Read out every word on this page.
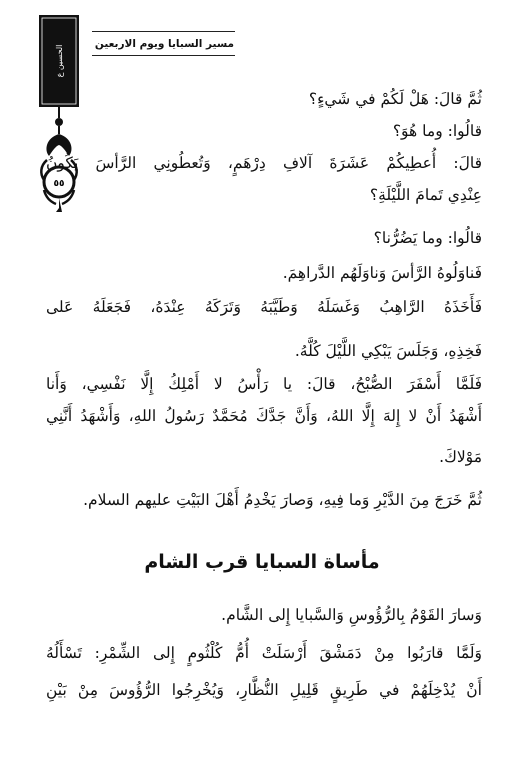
الحسين ع
٥٥
مسير السبايا ويوم الاربعين
ثُمَّ قالَ: هَلْ لَكُمْ في شَيءٍ؟
قالُوا: وما هُوَ؟
قالَ: أُعطِيكُمْ عَشَرَةَ آلافِ دِرْهَمٍ، وَتُعطُونِي الرَّأسَ يَكُونُ
عِنْدِي تَمامَ اللَّيْلَةِ؟
قالُوا: وما يَضُرُّنا؟
فَناوَلُوهُ الرَّأسَ وَناوَلَهُم الدَّراهِمَ.
فَأَخَذَهُ الرَّاهِبُ وَغَسَلَهُ وَطَيَّبَهُ وَتَرَكَهُ عِنْدَهُ، فَجَعَلَهُ عَلى
فَخِذِهِ، وَجَلَسَ يَبْكِي اللَّيْلَ كُلَّهُ.
فَلَمَّا أَسْفَرَ الصُّبْحُ، قالَ: يا رَأْسُ لا أَمْلِكُ إِلَّا نَفْسِي، وَأَنا
أَشْهَدُ أَنْ لا إِلهَ إِلَّا اللهُ، وَأَنَّ جَدَّكَ مُحَمَّدٌ رَسُولُ اللهِ، وَأَشْهَدُ أَنَّنِي
مَوْلاكَ.
ثُمَّ خَرَجَ مِنَ الدَّيْرِ وَما فِيهِ، وَصارَ يَخْدِمُ أَهْلَ البَيْتِ عليهم السلام.
مأساة السبايا قرب الشام
وَسارَ القَوْمُ بِالرُّؤُوسِ وَالسَّبايا إِلى الشَّام.
وَلَمَّا قارَبُوا مِنْ دَمَشْقَ أَرْسَلَتْ أُمُّ كُلْثُومٍ إِلى الشِّمْرِ: تَسْأَلُهُ
أَنْ يُدْخِلَهُمْ في طَرِيقٍ قَلِيلِ النُّظَّارِ، وَيُخْرِجُوا الرُّؤُوسَ مِنْ بَيْنِ
